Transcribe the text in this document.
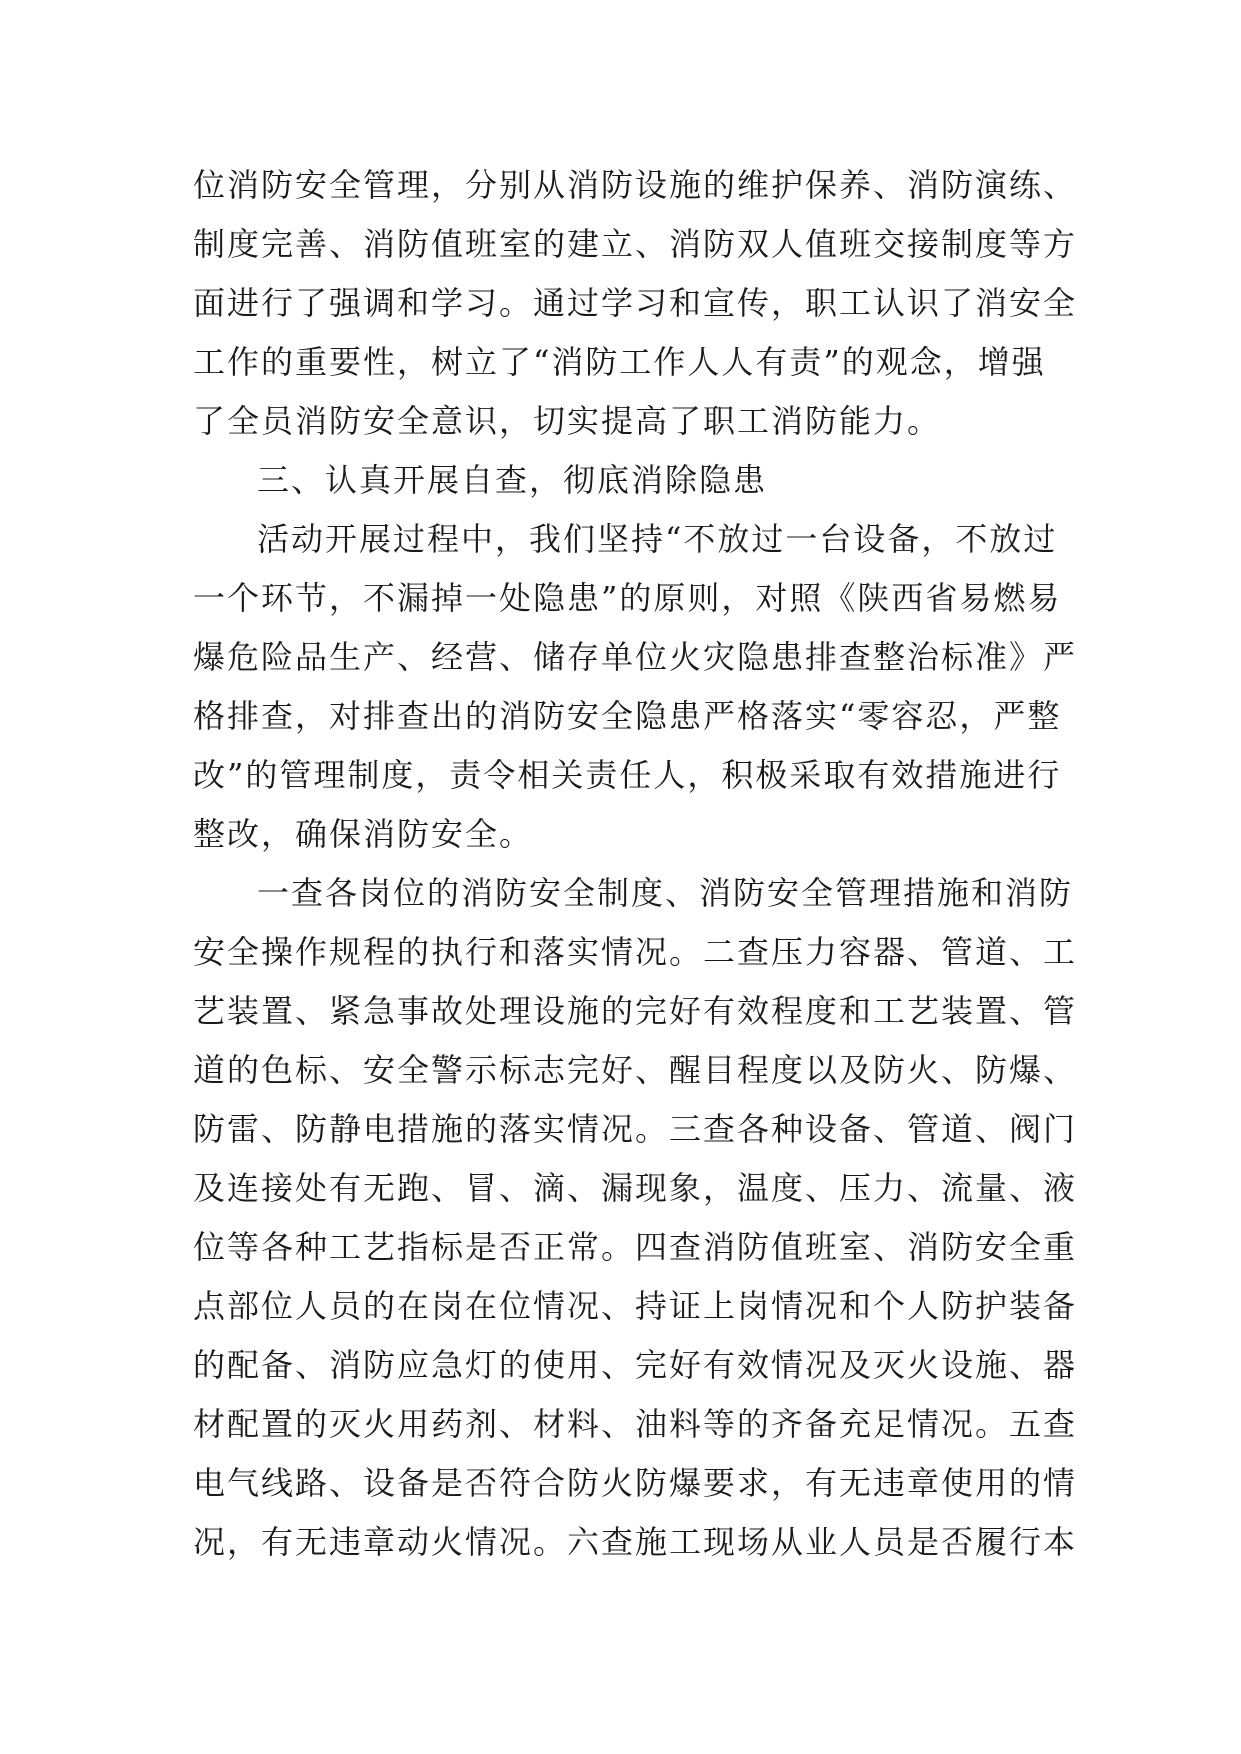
位消防安全管理，分别从消防设施的维护保养、消防演练、
制度完善、消防值班室的建立、消防双人值班交接制度等方
面进行了强调和学习。通过学习和宣传，职工认识了消安全
工作的重要性，树立了“消防工作人人有责”的观念，增强
了全员消防安全意识，切实提高了职工消防能力。
三、认真开展自查，彻底消除隐患
活动开展过程中，我们坚持“不放过一台设备，不放过
一个环节，不漏掉一处隐患”的原则，对照《陕西省易燃易
爆危险品生产、经营、储存单位火灾隐患排查整治标准》严
格排查，对排查出的消防安全隐患严格落实“零容忍，严整
改”的管理制度，责令相关责任人，积极采取有效措施进行
整改，确保消防安全。
一查各岗位的消防安全制度、消防安全管理措施和消防
安全操作规程的执行和落实情况。二查压力容器、管道、工
艺装置、紧急事故处理设施的完好有效程度和工艺装置、管
道的色标、安全警示标志完好、醒目程度以及防火、防爆、
防雷、防静电措施的落实情况。三查各种设备、管道、阀门
及连接处有无跑、冒、滴、漏现象，温度、压力、流量、液
位等各种工艺指标是否正常。四查消防值班室、消防安全重
点部位人员的在岗在位情况、持证上岗情况和个人防护装备
的配备、消防应急灯的使用、完好有效情况及灭火设施、器
材配置的灭火用药剂、材料、油料等的齐备充足情况。五查
电气线路、设备是否符合防火防爆要求，有无违章使用的情
况，有无违章动火情况。六查施工现场从业人员是否履行本
